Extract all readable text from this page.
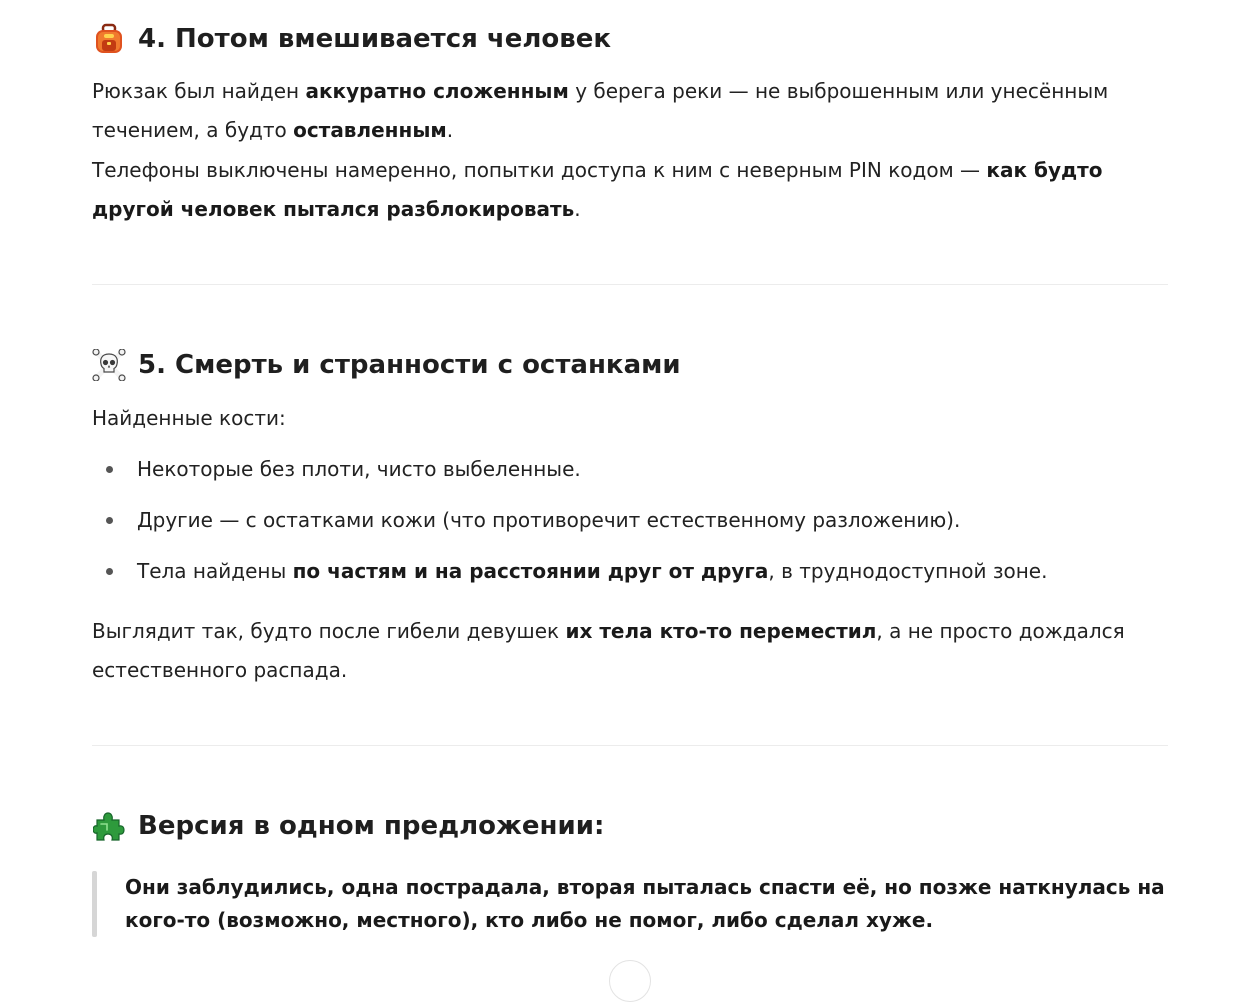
4. Потом вмешивается человек

Рюкзак был найден аккуратно сложенным у берега реки — не выброшенным или унесённым течением, а будто оставленным.

Телефоны выключены намеренно, попытки доступа к ним с неверным PIN кодом — как будто другой человек пытался разблокировать.

5. Смерть и странности с останками

Найденные кости:

Некоторые без плоти, чисто выбеленные.
Другие — с остатками кожи (что противоречит естественному разложению).
Тела найдены по частям и на расстоянии друг от друга, в труднодоступной зоне.

Выглядит так, будто после гибели девушек их тела кто-то переместил, а не просто дождался естественного распада.

Версия в одном предложении:

Они заблудились, одна пострадала, вторая пыталась спасти её, но позже наткнулась на кого-то (возможно, местного), кто либо не помог, либо сделал хуже.
